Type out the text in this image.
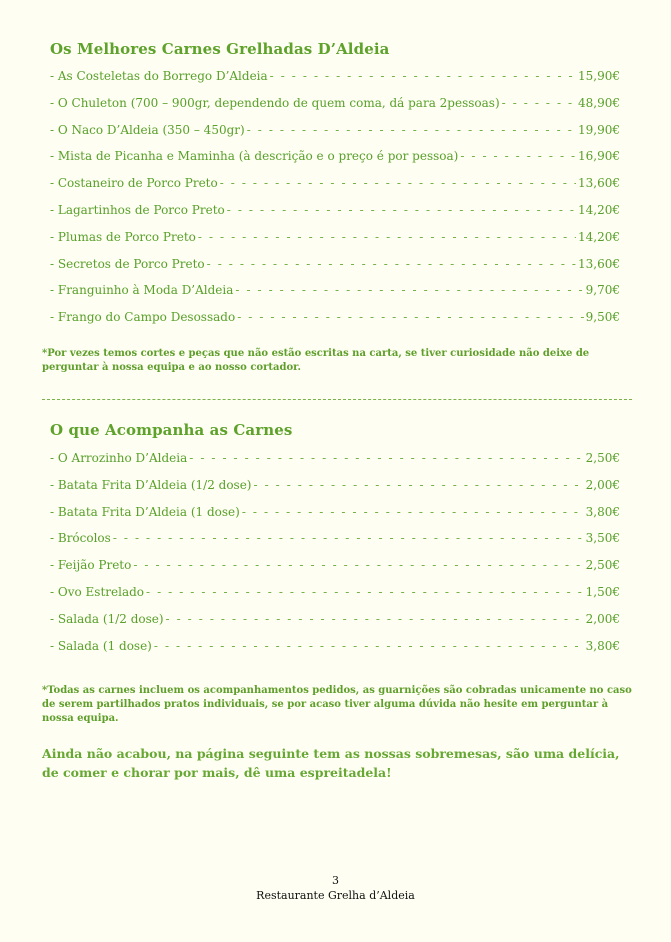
Os Melhores Carnes Grelhadas D’Aldeia
- As Costeletas do Borrego D’Aldeia - - -	15,90€
- O Chuleton (700 – 900gr, dependendo de quem coma, dá para 2pessoas) - - -	48,90€
- O Naco D’Aldeia (350 – 450gr) - - -	19,90€
- Mista de Picanha e Maminha (à descrição e o preço é por pessoa) - - -	16,90€
- Costaneiro de Porco Preto - - -	13,60€
- Lagartinhos de Porco Preto - - -	14,20€
- Plumas de Porco Preto - - -	14,20€
- Secretos de Porco Preto - - -	13,60€
- Franguinho à Moda D’Aldeia - - -	9,70€
- Frango do Campo Desossado - - -	9,50€

*Por vezes temos cortes e peças que não estão escritas na carta, se tiver curiosidade não deixe de perguntar à nossa equipa e ao nosso cortador.

O que Acompanha as Carnes
- O Arrozinho D’Aldeia - - -	2,50€
- Batata Frita D’Aldeia (1/2 dose) - - -	2,00€
- Batata Frita D’Aldeia (1 dose) - - -	3,80€
- Brócolos - - -	3,50€
- Feijão Preto - - -	2,50€
- Ovo Estrelado - - -	1,50€
- Salada (1/2 dose) - - -	2,00€
- Salada (1 dose) - - -	3,80€

*Todas as carnes incluem os acompanhamentos pedidos, as guarnições são cobradas unicamente no caso de serem partilhados pratos individuais, se por acaso tiver alguma dúvida não hesite em perguntar à nossa equipa.

Ainda não acabou, na página seguinte tem as nossas sobremesas, são uma delícia, de comer e chorar por mais, dê uma espreitadela!

3
Restaurante Grelha d’Aldeia
